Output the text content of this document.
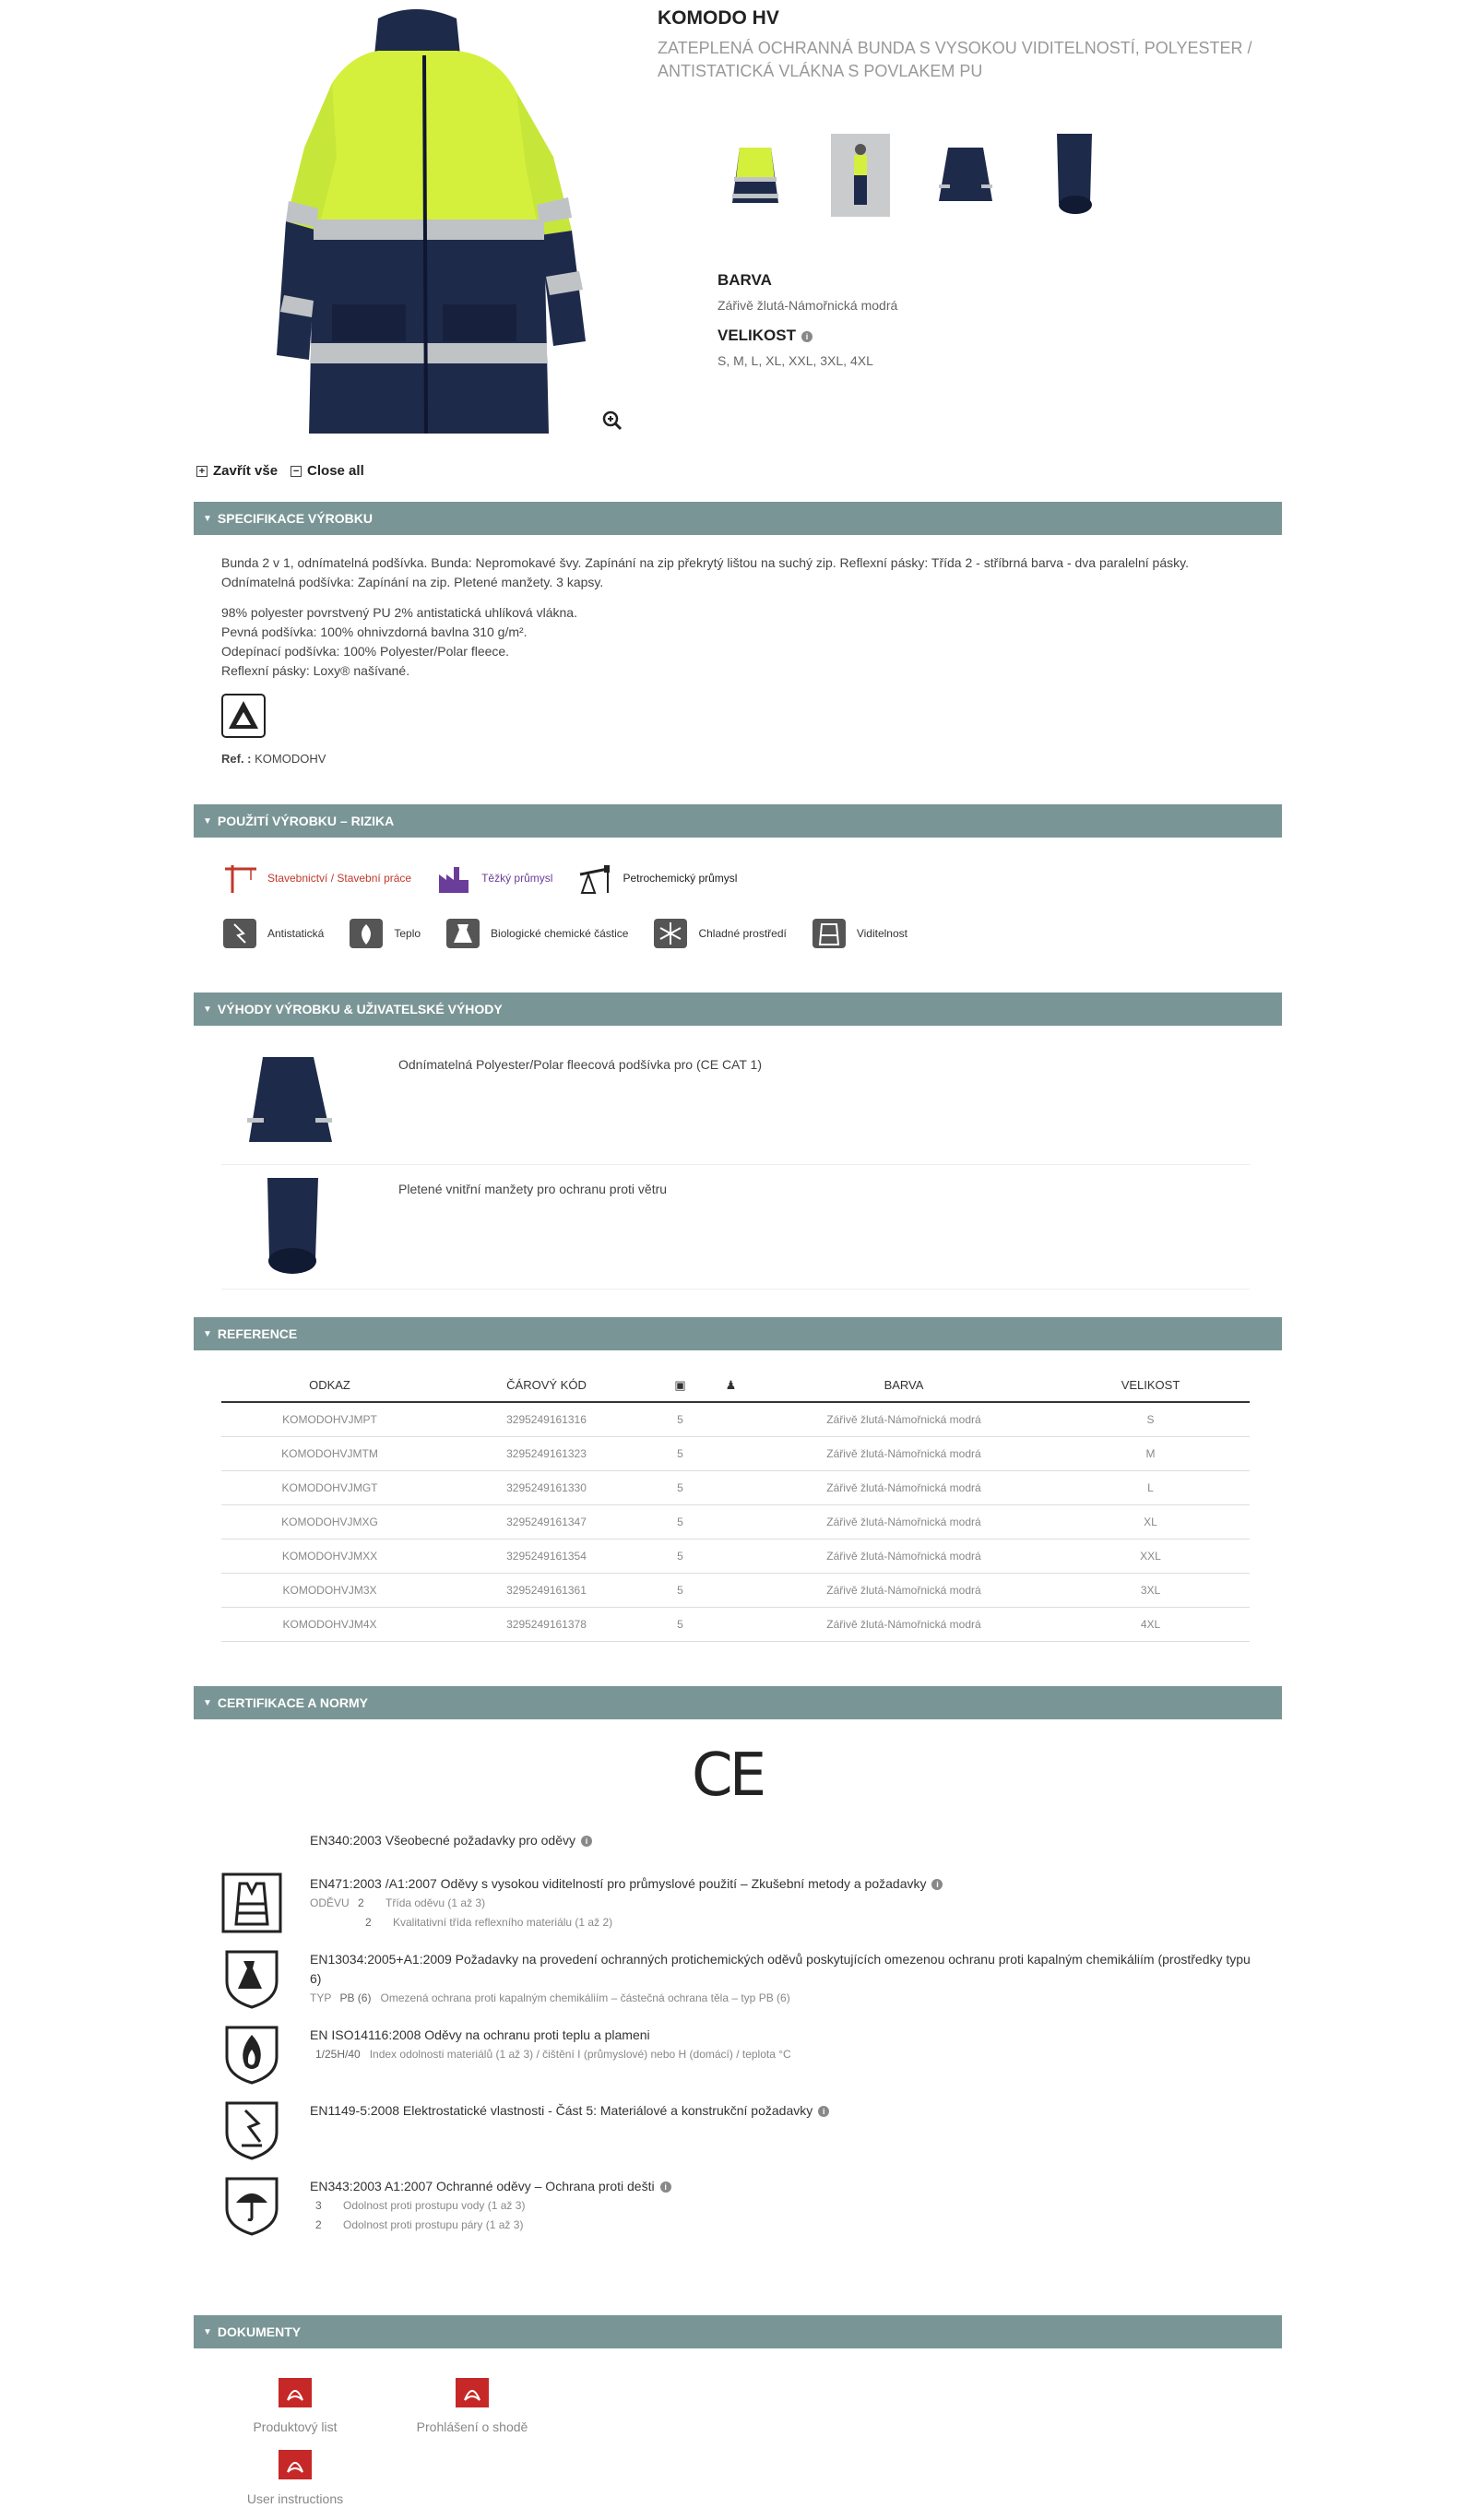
KOMODO HV
ZATEPLENÁ OCHRANNÁ BUNDA S VYSOKOU VIDITELNOSTÍ, POLYESTER / ANTISTATICKÁ VLÁKNA S POVLAKEM PU
BARVA
Zářivě žlutá-Námořnická modrá
VELIKOST i
S, M, L, XL, XXL, 3XL, 4XL
+ Zavřít vše − Close all
▼ SPECIFIKACE VÝROBKU
Bunda 2 v 1, odnímatelná podšívka. Bunda: Nepromokavé švy. Zapínání na zip překrytý lištou na suchý zip. Reflexní pásky: Třída 2 - stříbrná barva - dva paralelní pásky.
Odnímatelná podšívka: Zapínání na zip. Pletené manžety. 3 kapsy.
98% polyester povrstvený PU 2% antistatická uhlíková vlákna.
Pevná podšívka: 100% ohnivzdorná bavlna 310 g/m².
Odepínací podšívka: 100% Polyester/Polar fleece.
Reflexní pásky: Loxy® našívané.
Ref. : KOMODOHV
▼ POUŽITÍ VÝROBKU – RIZIKA
Stavebnictví / Stavební práce	Těžký průmysl	Petrochemický průmysl
Antistatická	Teplo	Biologické chemické částice	Chladné prostředí	Viditelnost
▼ VÝHODY VÝROBKU & UŽIVATELSKÉ VÝHODY
Odnímatelná Polyester/Polar fleecová podšívka pro (CE CAT 1)
Pletené vnitřní manžety pro ochranu proti větru
▼ REFERENCE
ODKAZ	ČÁROVÝ KÓD	▣	♟	BARVA	VELIKOST
KOMODOHVJMPT	3295249161316	5		Zářivě žlutá-Námořnická modrá	S
KOMODOHVJMTM	3295249161323	5		Zářivě žlutá-Námořnická modrá	M
KOMODOHVJMGT	3295249161330	5		Zářivě žlutá-Námořnická modrá	L
KOMODOHVJMXG	3295249161347	5		Zářivě žlutá-Námořnická modrá	XL
KOMODOHVJMXX	3295249161354	5		Zářivě žlutá-Námořnická modrá	XXL
KOMODOHVJM3X	3295249161361	5		Zářivě žlutá-Námořnická modrá	3XL
KOMODOHVJM4X	3295249161378	5		Zářivě žlutá-Námořnická modrá	4XL
▼ CERTIFIKACE A NORMY
CE
EN340:2003 Všeobecné požadavky pro oděvy i
EN471:2003 /A1:2007 Oděvy s vysokou viditelností pro průmyslové použití – Zkušební metody a požadavky i
ODĚVU 2 Třída oděvu (1 až 3)
2 Kvalitativní třída reflexního materiálu (1 až 2)
EN13034:2005+A1:2009 Požadavky na provedení ochranných protichemických oděvů poskytujících omezenou ochranu proti kapalným chemikáliím (prostředky typu 6)
TYP PB (6) Omezená ochrana proti kapalným chemikáliím – částečná ochrana těla – typ PB (6)
EN ISO14116:2008 Oděvy na ochranu proti teplu a plameni
1/25H/40 Index odolnosti materiálů (1 až 3) / čištění I (průmyslové) nebo H (domácí) / teplota °C
EN1149-5:2008 Elektrostatické vlastnosti - Část 5: Materiálové a konstrukční požadavky i
EN343:2003 A1:2007 Ochranné oděvy – Ochrana proti dešti i
3 Odolnost proti prostupu vody (1 až 3)
2 Odolnost proti prostupu páry (1 až 3)
▼ DOKUMENTY
Produktový list	Prohlášení o shodě
User instructions
